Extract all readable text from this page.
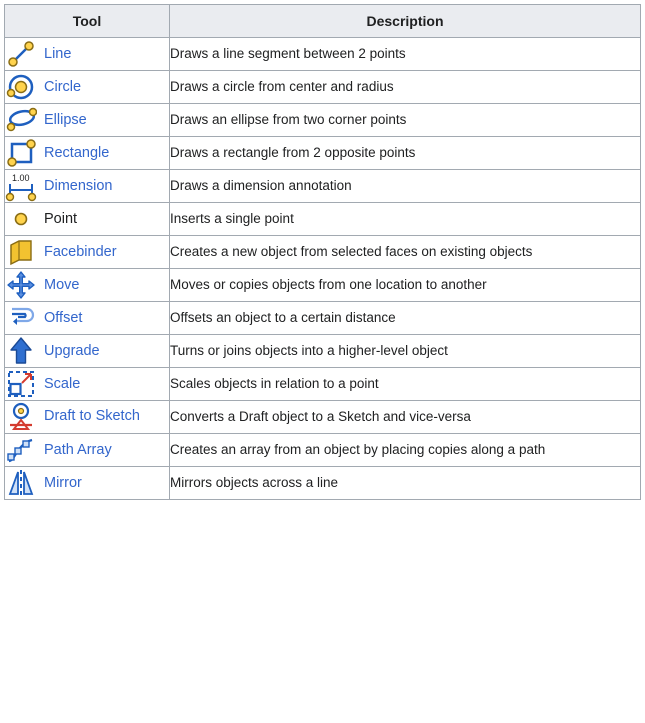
Tool	Description

Line	Draws a line segment between 2 points

Circle	Draws a circle from center and radius

Ellipse	Draws an ellipse from two corner points

Rectangle	Draws a rectangle from 2 opposite points

1.00 Dimension	Draws a dimension annotation

Point	Inserts a single point

Facebinder	Creates a new object from selected faces on existing objects

Move	Moves or copies objects from one location to another

Offset	Offsets an object to a certain distance

Upgrade	Turns or joins objects into a higher-level object

Scale	Scales objects in relation to a point

Draft to Sketch	Converts a Draft object to a Sketch and vice-versa

Path Array	Creates an array from an object by placing copies along a path

Mirror	Mirrors objects across a line
